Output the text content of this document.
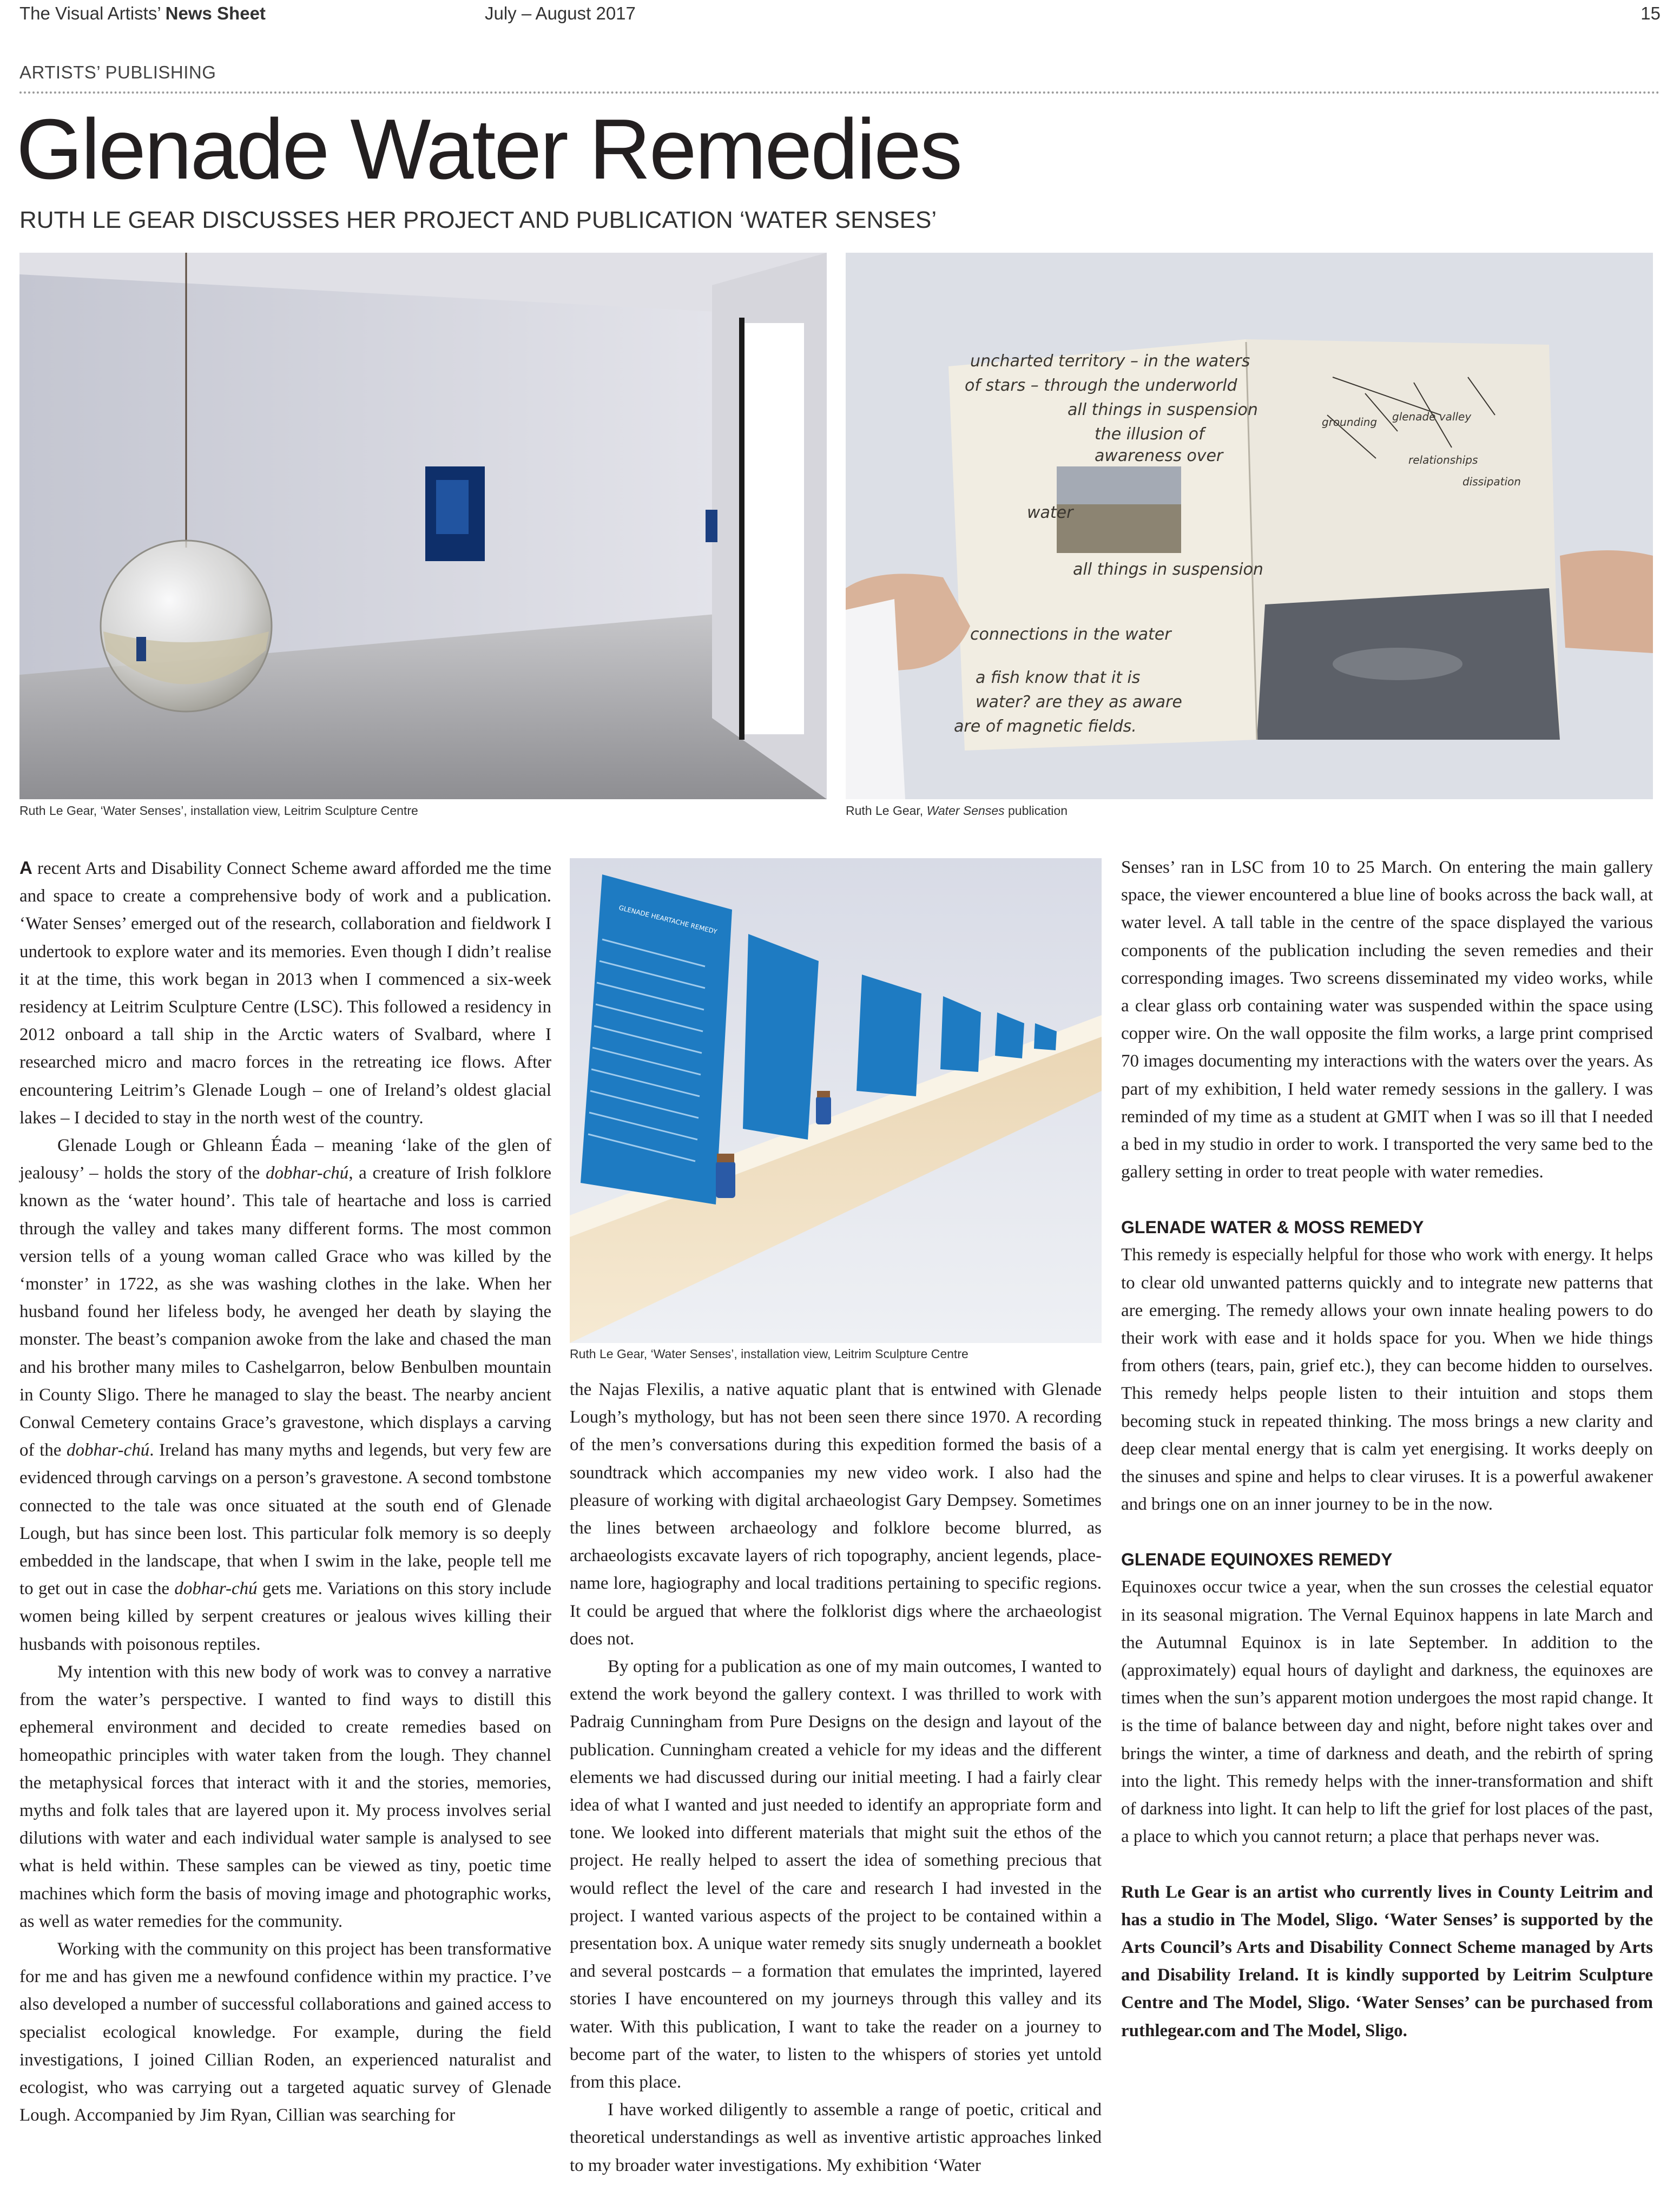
The Visual Artists’ News Sheet	July – August 2017	15
ARTISTS’ PUBLISHING
Glenade Water Remedies
RUTH LE GEAR DISCUSSES HER PROJECT AND PUBLICATION ‘WATER SENSES’
Ruth Le Gear, ‘Water Senses’, installation view, Leitrim Sculpture Centre
uncharted territory – in the waters
of stars – through the underworld
all things in suspension
the illusion of
awareness over
water
all things in suspension
connections in the water
a fish know that it is
water? are they as aware
are of magnetic fields.
grounding glenade valley
relationships
dissipation
Ruth Le Gear, Water Senses publication
GLENADE HEARTACHE REMEDY
Ruth Le Gear, ‘Water Senses’, installation view, Leitrim Sculpture Centre

A recent Arts and Disability Connect Scheme award afforded me the time and space to create a comprehensive body of work and a publication. ‘Water Senses’ emerged out of the research, collaboration and fieldwork I undertook to explore water and its memories. Even though I didn’t realise it at the time, this work began in 2013 when I commenced a six-week residency at Leitrim Sculpture Centre (LSC). This followed a residency in 2012 onboard a tall ship in the Arctic waters of Svalbard, where I researched micro and macro forces in the retreating ice flows. After encountering Leitrim’s Glenade Lough – one of Ireland’s oldest glacial lakes – I decided to stay in the north west of the country.

Glenade Lough or Ghleann Éada – meaning ‘lake of the glen of jealousy’ – holds the story of the dobhar-chú, a creature of Irish folklore known as the ‘water hound’. This tale of heartache and loss is carried through the valley and takes many different forms. The most common version tells of a young woman called Grace who was killed by the ‘monster’ in 1722, as she was washing clothes in the lake. When her husband found her lifeless body, he avenged her death by slaying the monster. The beast’s companion awoke from the lake and chased the man and his brother many miles to Cashelgarron, below Benbulben mountain in County Sligo. There he managed to slay the beast. The nearby ancient Conwal Cemetery contains Grace’s gravestone, which displays a carving of the dobhar-chú. Ireland has many myths and legends, but very few are evidenced through carvings on a person’s gravestone. A second tombstone connected to the tale was once situated at the south end of Glenade Lough, but has since been lost. This particular folk memory is so deeply embedded in the landscape, that when I swim in the lake, people tell me to get out in case the dobhar-chú gets me. Variations on this story include women being killed by serpent creatures or jealous wives killing their husbands with poisonous reptiles.

My intention with this new body of work was to convey a narrative from the water’s perspective. I wanted to find ways to distill this ephemeral environment and decided to create remedies based on homeopathic principles with water taken from the lough. They channel the metaphysical forces that interact with it and the stories, memories, myths and folk tales that are layered upon it. My process involves serial dilutions with water and each individual water sample is analysed to see what is held within. These samples can be viewed as tiny, poetic time machines which form the basis of moving image and photographic works, as well as water remedies for the community.

Working with the community on this project has been transformative for me and has given me a newfound confidence within my practice. I’ve also developed a number of successful collaborations and gained access to specialist ecological knowledge. For example, during the field investigations, I joined Cillian Roden, an experienced naturalist and ecologist, who was carrying out a targeted aquatic survey of Glenade Lough. Accompanied by Jim Ryan, Cillian was searching for

the Najas Flexilis, a native aquatic plant that is entwined with Glenade Lough’s mythology, but has not been seen there since 1970. A recording of the men’s conversations during this expedition formed the basis of a soundtrack which accompanies my new video work. I also had the pleasure of working with digital archaeologist Gary Dempsey. Sometimes the lines between archaeology and folklore become blurred, as archaeologists excavate layers of rich topography, ancient legends, place-name lore, hagiography and local traditions pertaining to specific regions. It could be argued that where the folklorist digs where the archaeologist does not.

By opting for a publication as one of my main outcomes, I wanted to extend the work beyond the gallery context. I was thrilled to work with Padraig Cunningham from Pure Designs on the design and layout of the publication. Cunningham created a vehicle for my ideas and the different elements we had discussed during our initial meeting. I had a fairly clear idea of what I wanted and just needed to identify an appropriate form and tone. We looked into different materials that might suit the ethos of the project. He really helped to assert the idea of something precious that would reflect the level of the care and research I had invested in the project. I wanted various aspects of the project to be contained within a presentation box. A unique water remedy sits snugly underneath a booklet and several postcards – a formation that emulates the imprinted, layered stories I have encountered on my journeys through this valley and its water. With this publication, I want to take the reader on a journey to become part of the water, to listen to the whispers of stories yet untold from this place.

I have worked diligently to assemble a range of poetic, critical and theoretical understandings as well as inventive artistic approaches linked to my broader water investigations. My exhibition ‘Water

Senses’ ran in LSC from 10 to 25 March. On entering the main gallery space, the viewer encountered a blue line of books across the back wall, at water level. A tall table in the centre of the space displayed the various components of the publication including the seven remedies and their corresponding images. Two screens disseminated my video works, while a clear glass orb containing water was suspended within the space using copper wire. On the wall opposite the film works, a large print comprised 70 images documenting my interactions with the waters over the years. As part of my exhibition, I held water remedy sessions in the gallery. I was reminded of my time as a student at GMIT when I was so ill that I needed a bed in my studio in order to work. I transported the very same bed to the gallery setting in order to treat people with water remedies.

GLENADE WATER & MOSS REMEDY

This remedy is especially helpful for those who work with energy. It helps to clear old unwanted patterns quickly and to integrate new patterns that are emerging. The remedy allows your own innate healing powers to do their work with ease and it holds space for you. When we hide things from others (tears, pain, grief etc.), they can become hidden to ourselves. This remedy helps people listen to their intuition and stops them becoming stuck in repeated thinking. The moss brings a new clarity and deep clear mental energy that is calm yet energising. It works deeply on the sinuses and spine and helps to clear viruses. It is a powerful awakener and brings one on an inner journey to be in the now.

GLENADE EQUINOXES REMEDY

Equinoxes occur twice a year, when the sun crosses the celestial equator in its seasonal migration. The Vernal Equinox happens in late March and the Autumnal Equinox is in late September. In addition to the (approximately) equal hours of daylight and darkness, the equinoxes are times when the sun’s apparent motion undergoes the most rapid change. It is the time of balance between day and night, before night takes over and brings the winter, a time of darkness and death, and the rebirth of spring into the light. This remedy helps with the inner-transformation and shift of darkness into light. It can help to lift the grief for lost places of the past, a place to which you cannot return; a place that perhaps never was.

Ruth Le Gear is an artist who currently lives in County Leitrim and has a studio in The Model, Sligo. ‘Water Senses’ is supported by the Arts Council’s Arts and Disability Connect Scheme managed by Arts and Disability Ireland. It is kindly supported by Leitrim Sculpture Centre and The Model, Sligo. ‘Water Senses’ can be purchased from ruthlegear.com and The Model, Sligo.
